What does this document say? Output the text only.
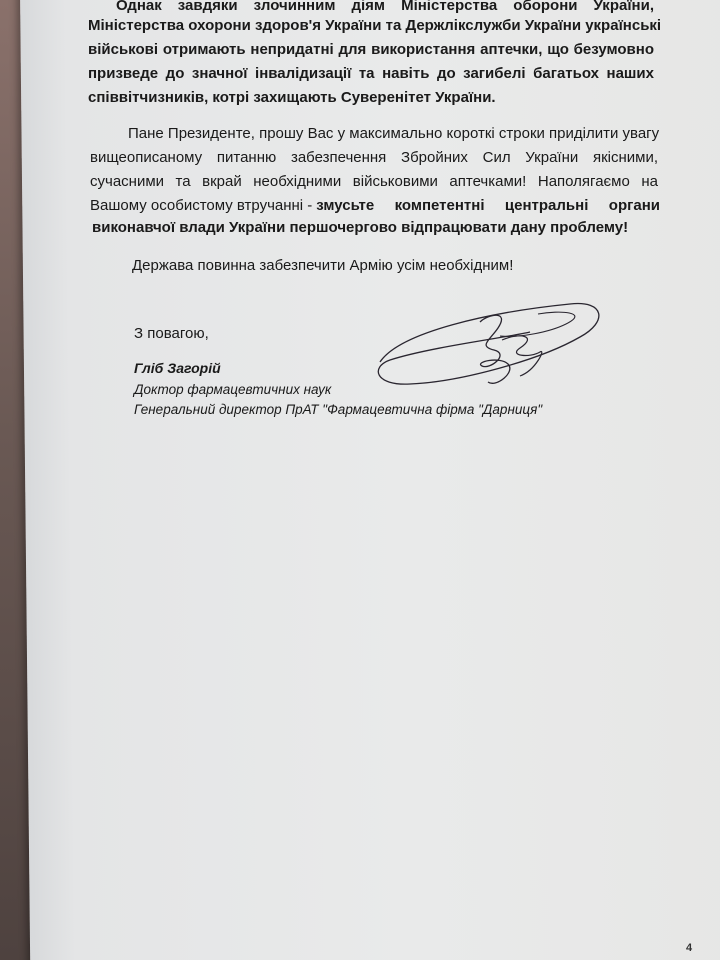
Однак завдяки злочинним діям Міністерства оборони України,
Міністерства охорони здоров'я України та Держлікслужби України українські
військові отримають непридатні для використання аптечки, що безумовно
призведе до значної інвалідизації та навіть до загибелі багатьох наших
співвітчизників, котрі захищають Суверенітет України.
Пане Президенте, прошу Вас у максимально короткі строки приділити увагу
вищеописаному питанню забезпечення Збройних Сил України якісними,
сучасними та вкрай необхідними військовими аптечками! Наполягаємо на
Вашому особистому втручанні - змусьте компетентні центральні органи
виконавчої влади України першочергово відпрацювати дану проблему!
Держава повинна забезпечити Армію усім необхідним!
З повагою,
Гліб Загорій
Доктор фармацевтичних наук
Генеральний директор ПрАТ "Фармацевтична фірма "Дарниця"
4
